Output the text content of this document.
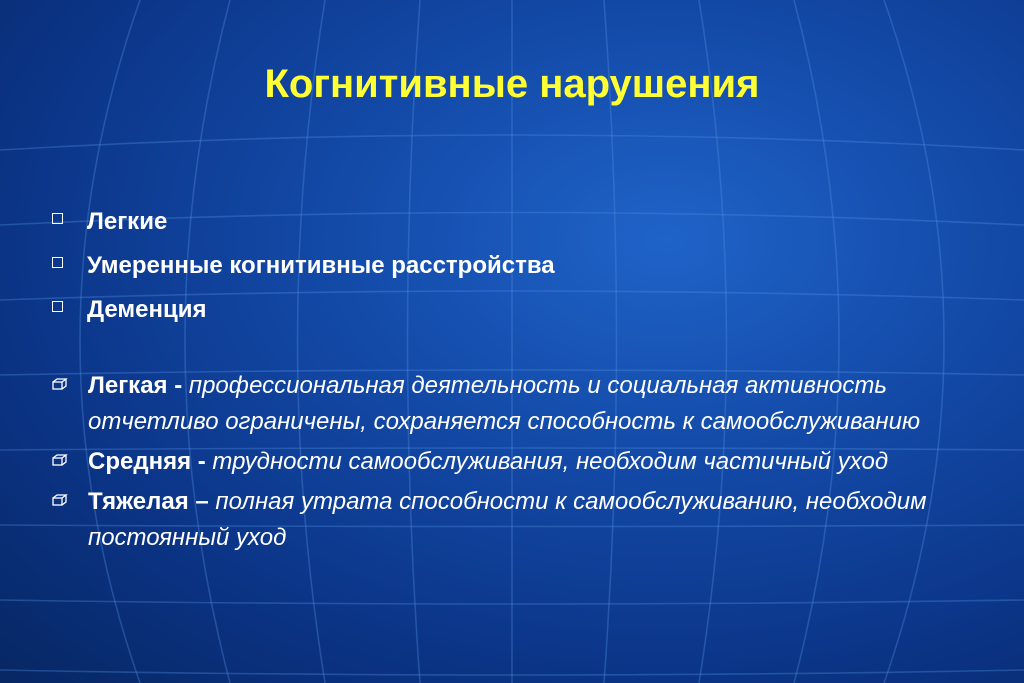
Когнитивные нарушения
Легкие
Умеренные когнитивные расстройства
Деменция
Легкая - профессиональная деятельность и социальная активность отчетливо ограничены, сохраняется способность к самообслуживанию
Средняя - трудности самообслуживания, необходим частичный уход
Тяжелая – полная утрата способности к самообслуживанию, необходим постоянный уход
